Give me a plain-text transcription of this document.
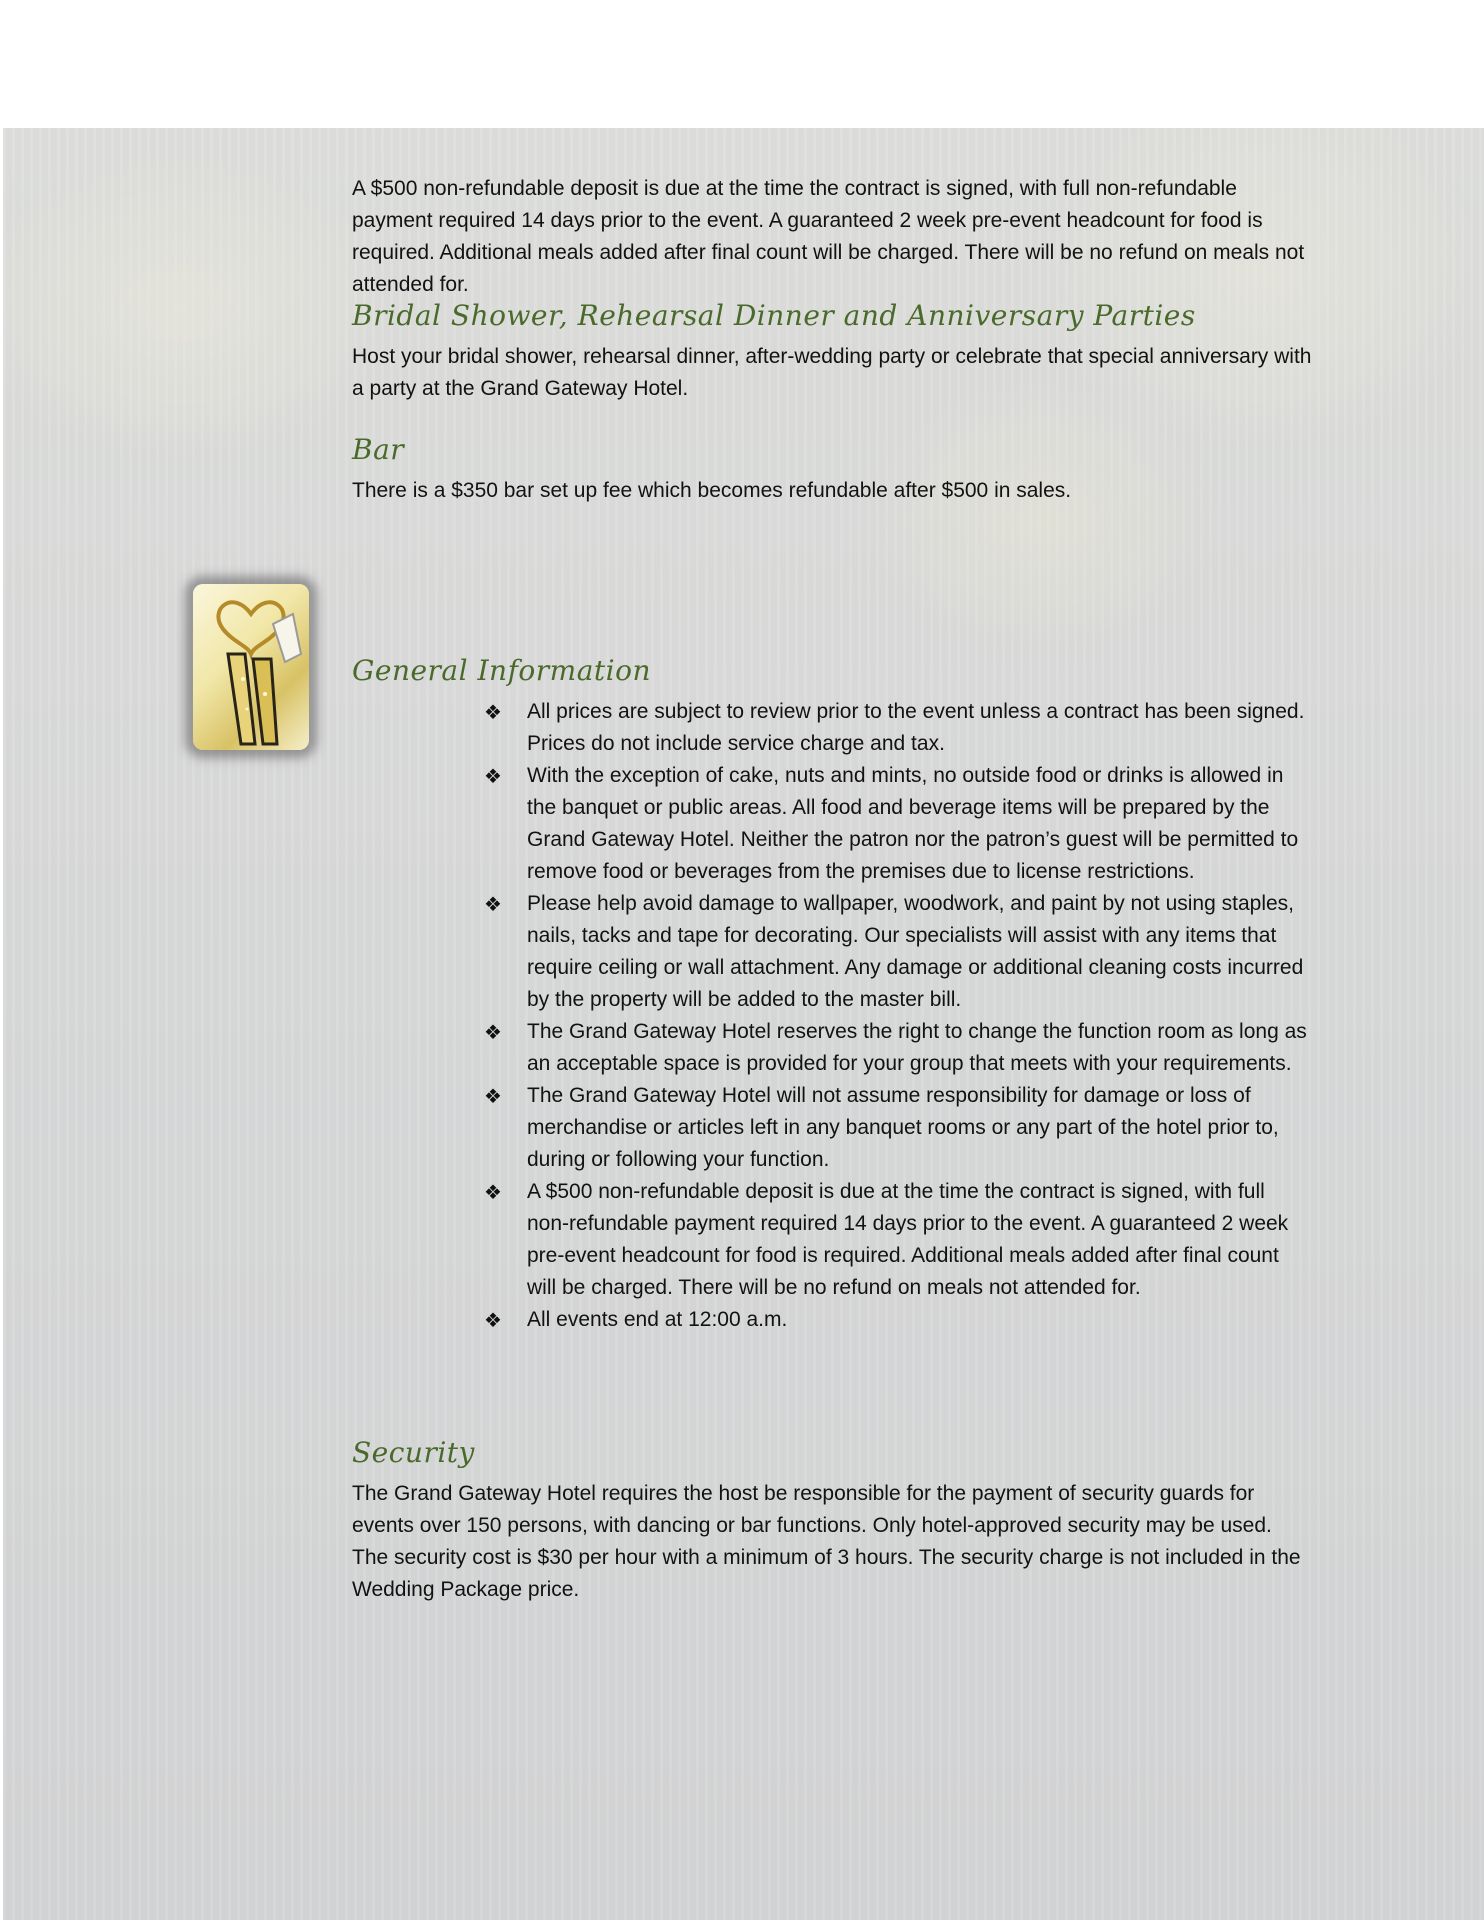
A $500 non-refundable deposit is due at the time the contract is signed, with full non-refundable payment required 14 days prior to the event. A guaranteed 2 week pre-event headcount for food is required. Additional meals added after final count will be charged. There will be no refund on meals not attended for.

Bridal Shower, Rehearsal Dinner and Anniversary Parties

Host your bridal shower, rehearsal dinner, after-wedding party or celebrate that special anniversary with a party at the Grand Gateway Hotel.

Bar

There is a $350 bar set up fee which becomes refundable after $500 in sales.

General Information
❖ All prices are subject to review prior to the event unless a contract has been signed. Prices do not include service charge and tax.
❖ With the exception of cake, nuts and mints, no outside food or drinks is allowed in the banquet or public areas. All food and beverage items will be prepared by the Grand Gateway Hotel. Neither the patron nor the patron’s guest will be permitted to remove food or beverages from the premises due to license restrictions.
❖ Please help avoid damage to wallpaper, woodwork, and paint by not using staples, nails, tacks and tape for decorating. Our specialists will assist with any items that require ceiling or wall attachment. Any damage or additional cleaning costs incurred by the property will be added to the master bill.
❖ The Grand Gateway Hotel reserves the right to change the function room as long as an acceptable space is provided for your group that meets with your requirements.
❖ The Grand Gateway Hotel will not assume responsibility for damage or loss of merchandise or articles left in any banquet rooms or any part of the hotel prior to, during or following your function.
❖ A $500 non-refundable deposit is due at the time the contract is signed, with full non-refundable payment required 14 days prior to the event. A guaranteed 2 week pre-event headcount for food is required. Additional meals added after final count will be charged. There will be no refund on meals not attended for.
❖ All events end at 12:00 a.m.
Security

The Grand Gateway Hotel requires the host be responsible for the payment of security guards for events over 150 persons, with dancing or bar functions. Only hotel-approved security may be used. The security cost is $30 per hour with a minimum of 3 hours. The security charge is not included in the Wedding Package price.
